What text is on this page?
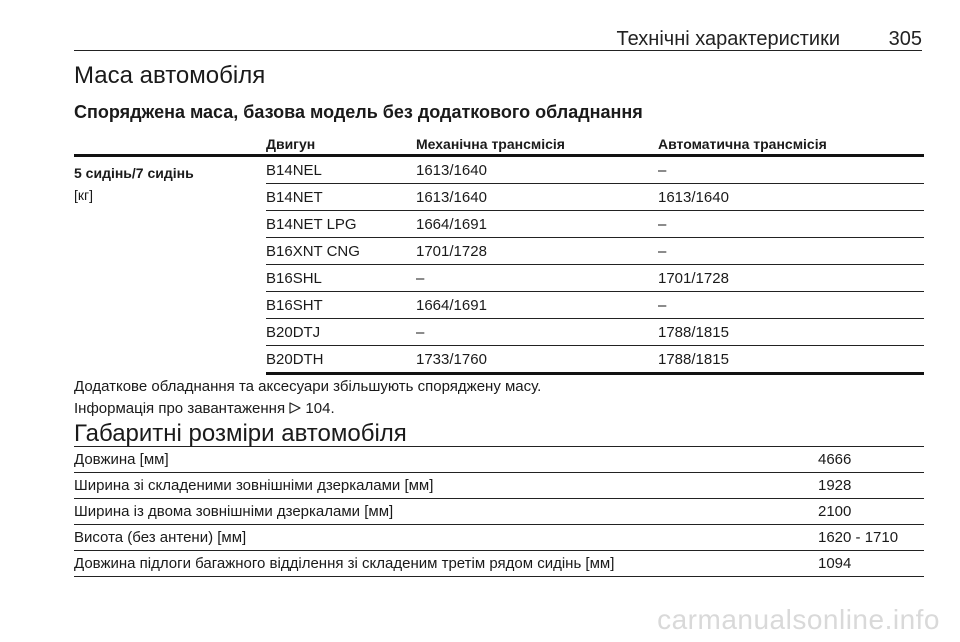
Технічні характеристики 305
Маса автомобіля
Споряджена маса, базова модель без додаткового обладнання
Двигун	Механічна трансмісія	Автоматична трансмісія
5 сидінь/7 сидінь
[кг]
B14NEL	1613/1640	–
B14NET	1613/1640	1613/1640
B14NET LPG	1664/1691	–
B16XNT CNG	1701/1728	–
B16SHL	–	1701/1728
B16SHT	1664/1691	–
B20DTJ	–	1788/1815
B20DTH	1733/1760	1788/1815
Додаткове обладнання та аксесуари збільшують споряджену масу.
Інформація про завантаження 104.
Габаритні розміри автомобіля
Довжина [мм]	4666
Ширина зі складеними зовнішніми дзеркалами [мм]	1928
Ширина із двома зовнішніми дзеркалами [мм]	2100
Висота (без антени) [мм]	1620 - 1710
Довжина підлоги багажного відділення зі складеним третім рядом сидінь [мм]	1094
carmanualsonline.info
